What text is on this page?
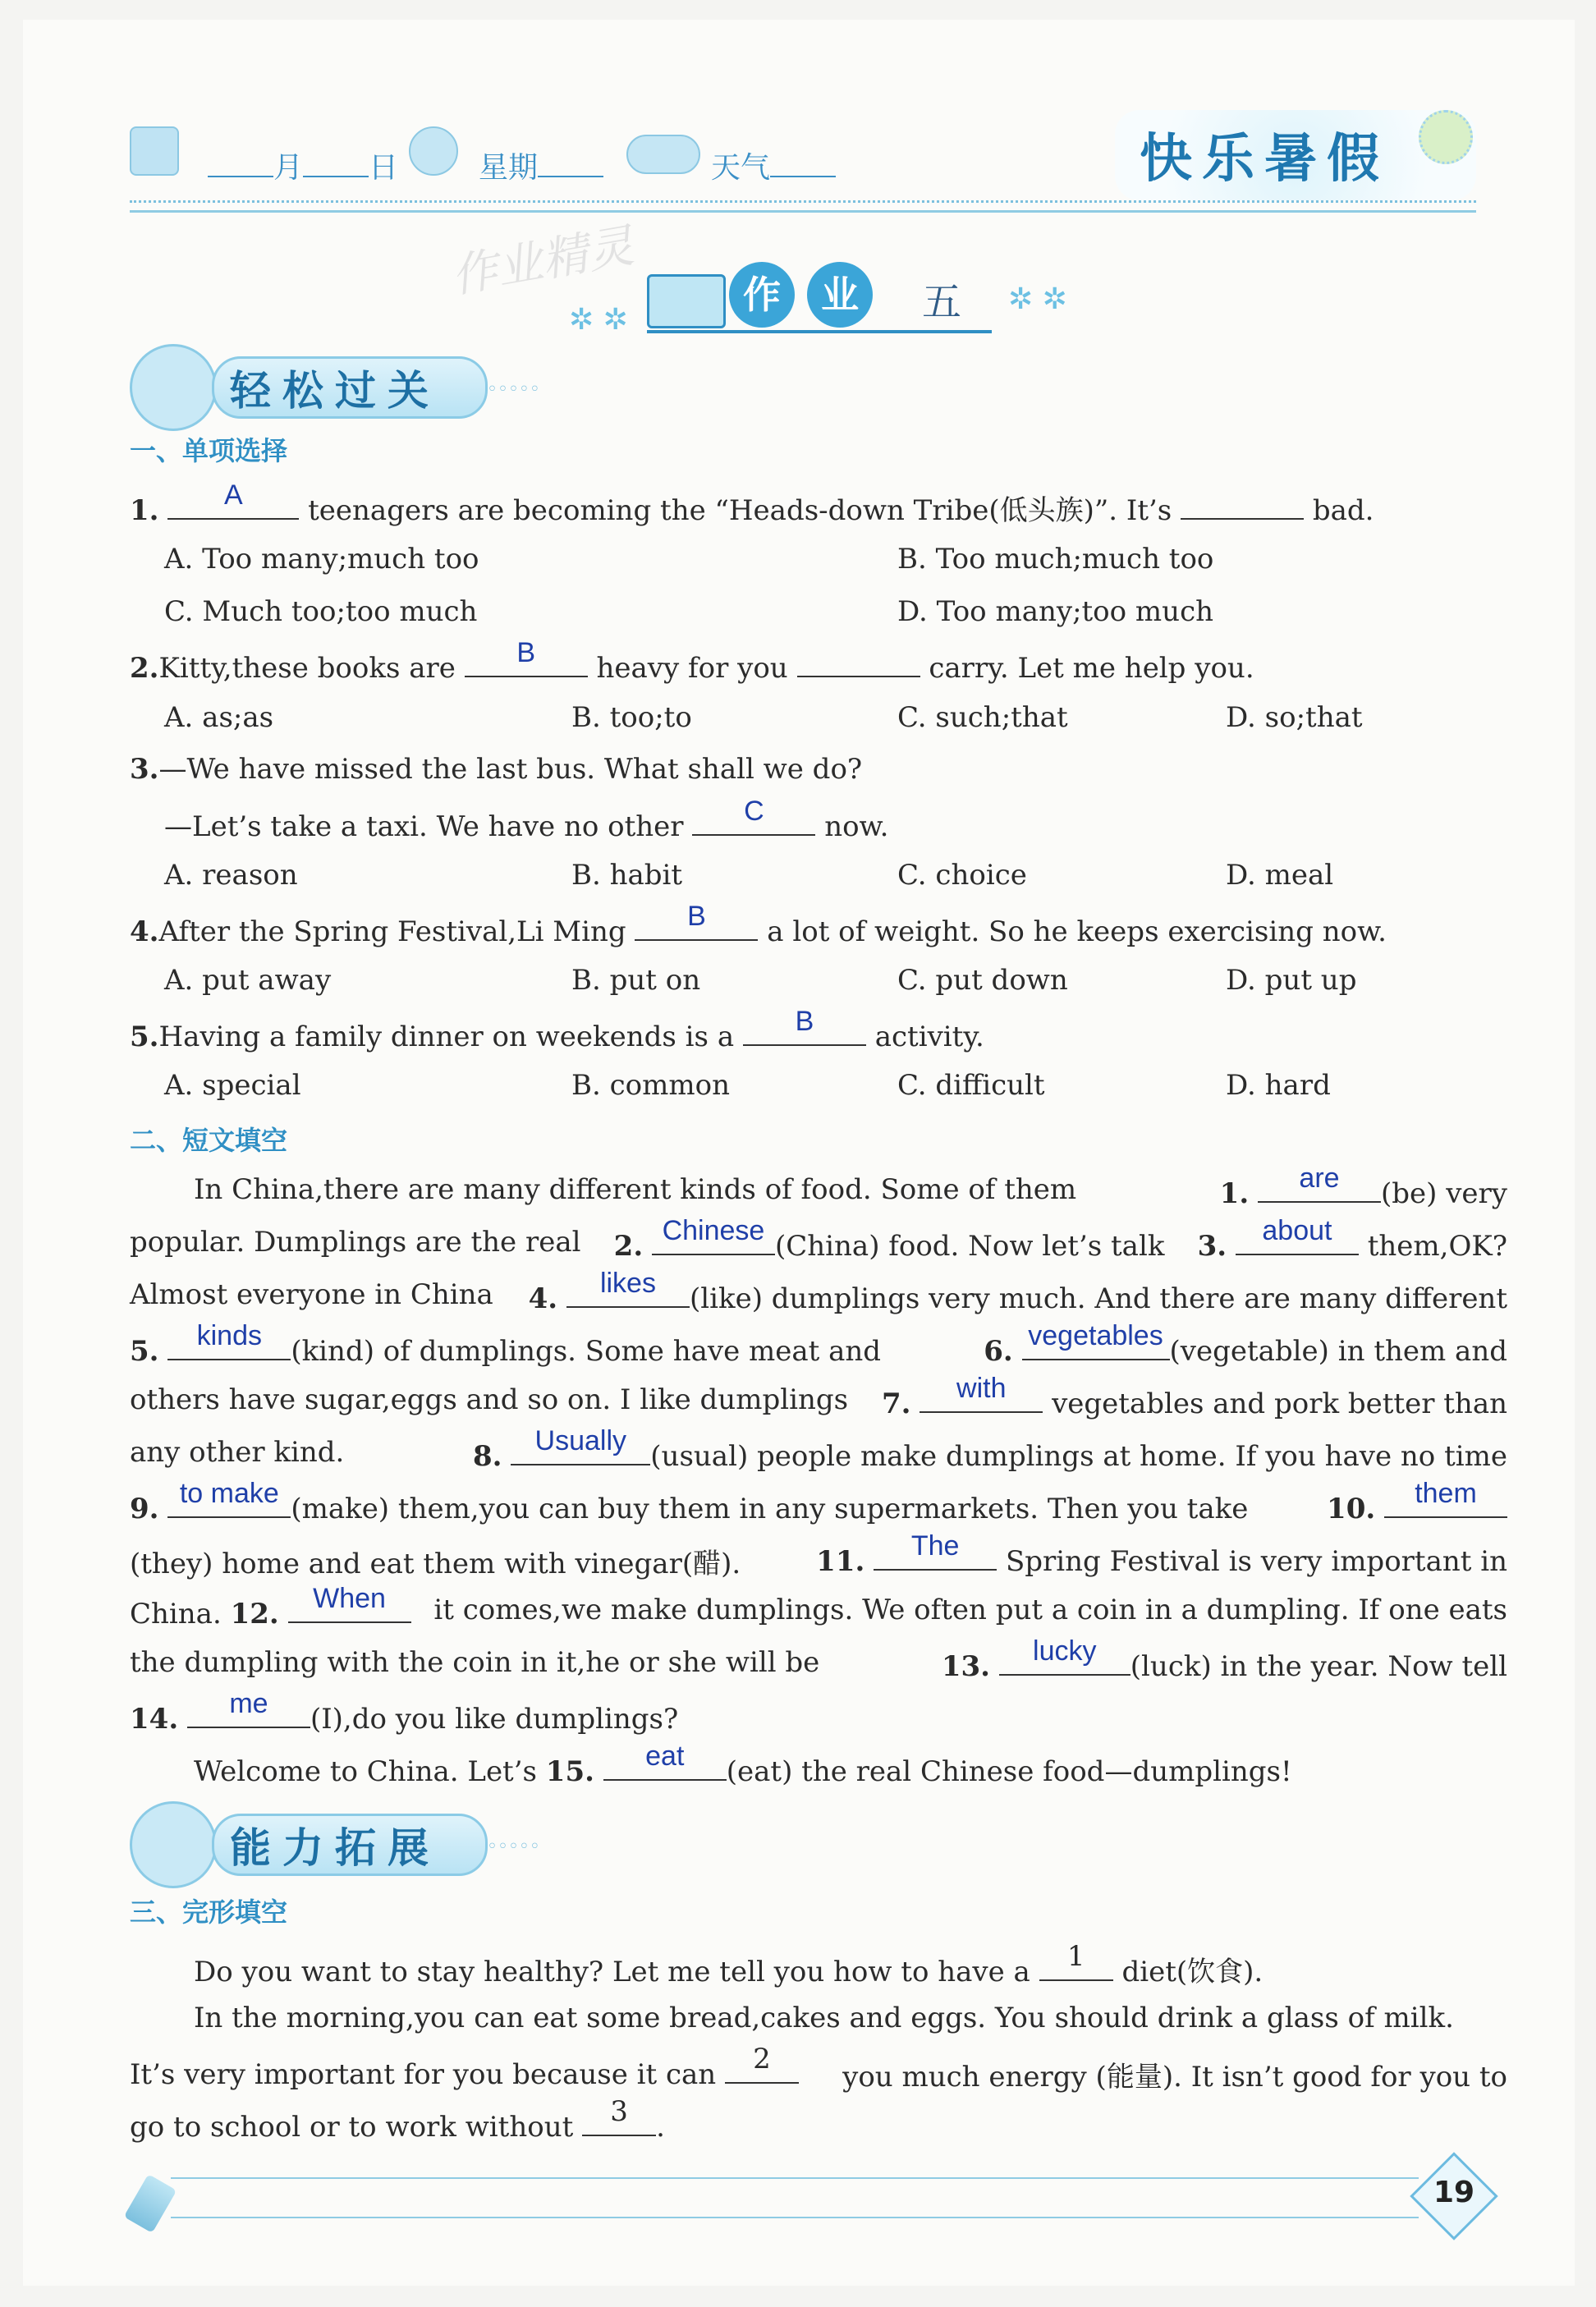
月 日	星期	天气	快乐暑假
作业精灵	作	业	五
✲ ✲
✲ ✲
轻松过关	◦◦◦◦◦
一、单项选择
1.	A	teenagers are becoming the “Heads-down Tribe(低头族)”. It’s	bad.
A. Too many;much too	B. Too much;much too
C. Much too;too much	D. Too many;too much
2.Kitty,these books are	B	heavy for you	carry. Let me help you.
A. as;as	B. too;to	C. such;that	D. so;that
3.—We have missed the last bus. What shall we do?
—Let’s take a taxi. We have no other	C	now.
A. reason	B. habit	C. choice	D. meal
4.After the Spring Festival,Li Ming	B	a lot of weight. So he keeps exercising now.
A. put away	B. put on	C. put down	D. put up
5.Having a family dinner on weekends is a	B	activity.
A. special	B. common	C. difficult	D. hard
二、短文填空
In China,there are many different kinds of food. Some of them	1.	are	(be) very
popular. Dumplings are the real 2. Chinese (China) food. Now let’s talk 3.	about	them,OK?
Almost everyone in China 4.	likes	(like) dumplings very much. And there are many different
5.	kinds	(kind) of dumplings. Some have meat and	6. vegetables (vegetable) in them and
others have sugar,eggs and so on. I like dumplings 7.	with	vegetables and pork better than
any other kind.	8.	Usually (usual) people make dumplings at home. If you have no time
9. to make (make) them,you can buy them in any supermarkets. Then you take	10.	them
(they) home and eat them with vinegar(醋).	11.	The	Spring Festival is very important in
China. 12.	When	it comes,we make dumplings. We often put a coin in a dumpling. If one eats
the dumpling with the coin in it,he or she will be	13.	lucky	(luck) in the year. Now tell
14.	me	(I),do you like dumplings?
Welcome to China. Let’s 15.	eat	(eat) the real Chinese food—dumplings!
能力拓展	◦◦◦◦◦
三、完形填空
Do you want to stay healthy? Let me tell you how to have a	1	diet(饮食).
In the morning,you can eat some bread,cakes and eggs. You should drink a glass of milk.
It’s very important for you because it can	2
you much energy (能量). It isn’t good for you to
go to school or to work without	3	.
19
